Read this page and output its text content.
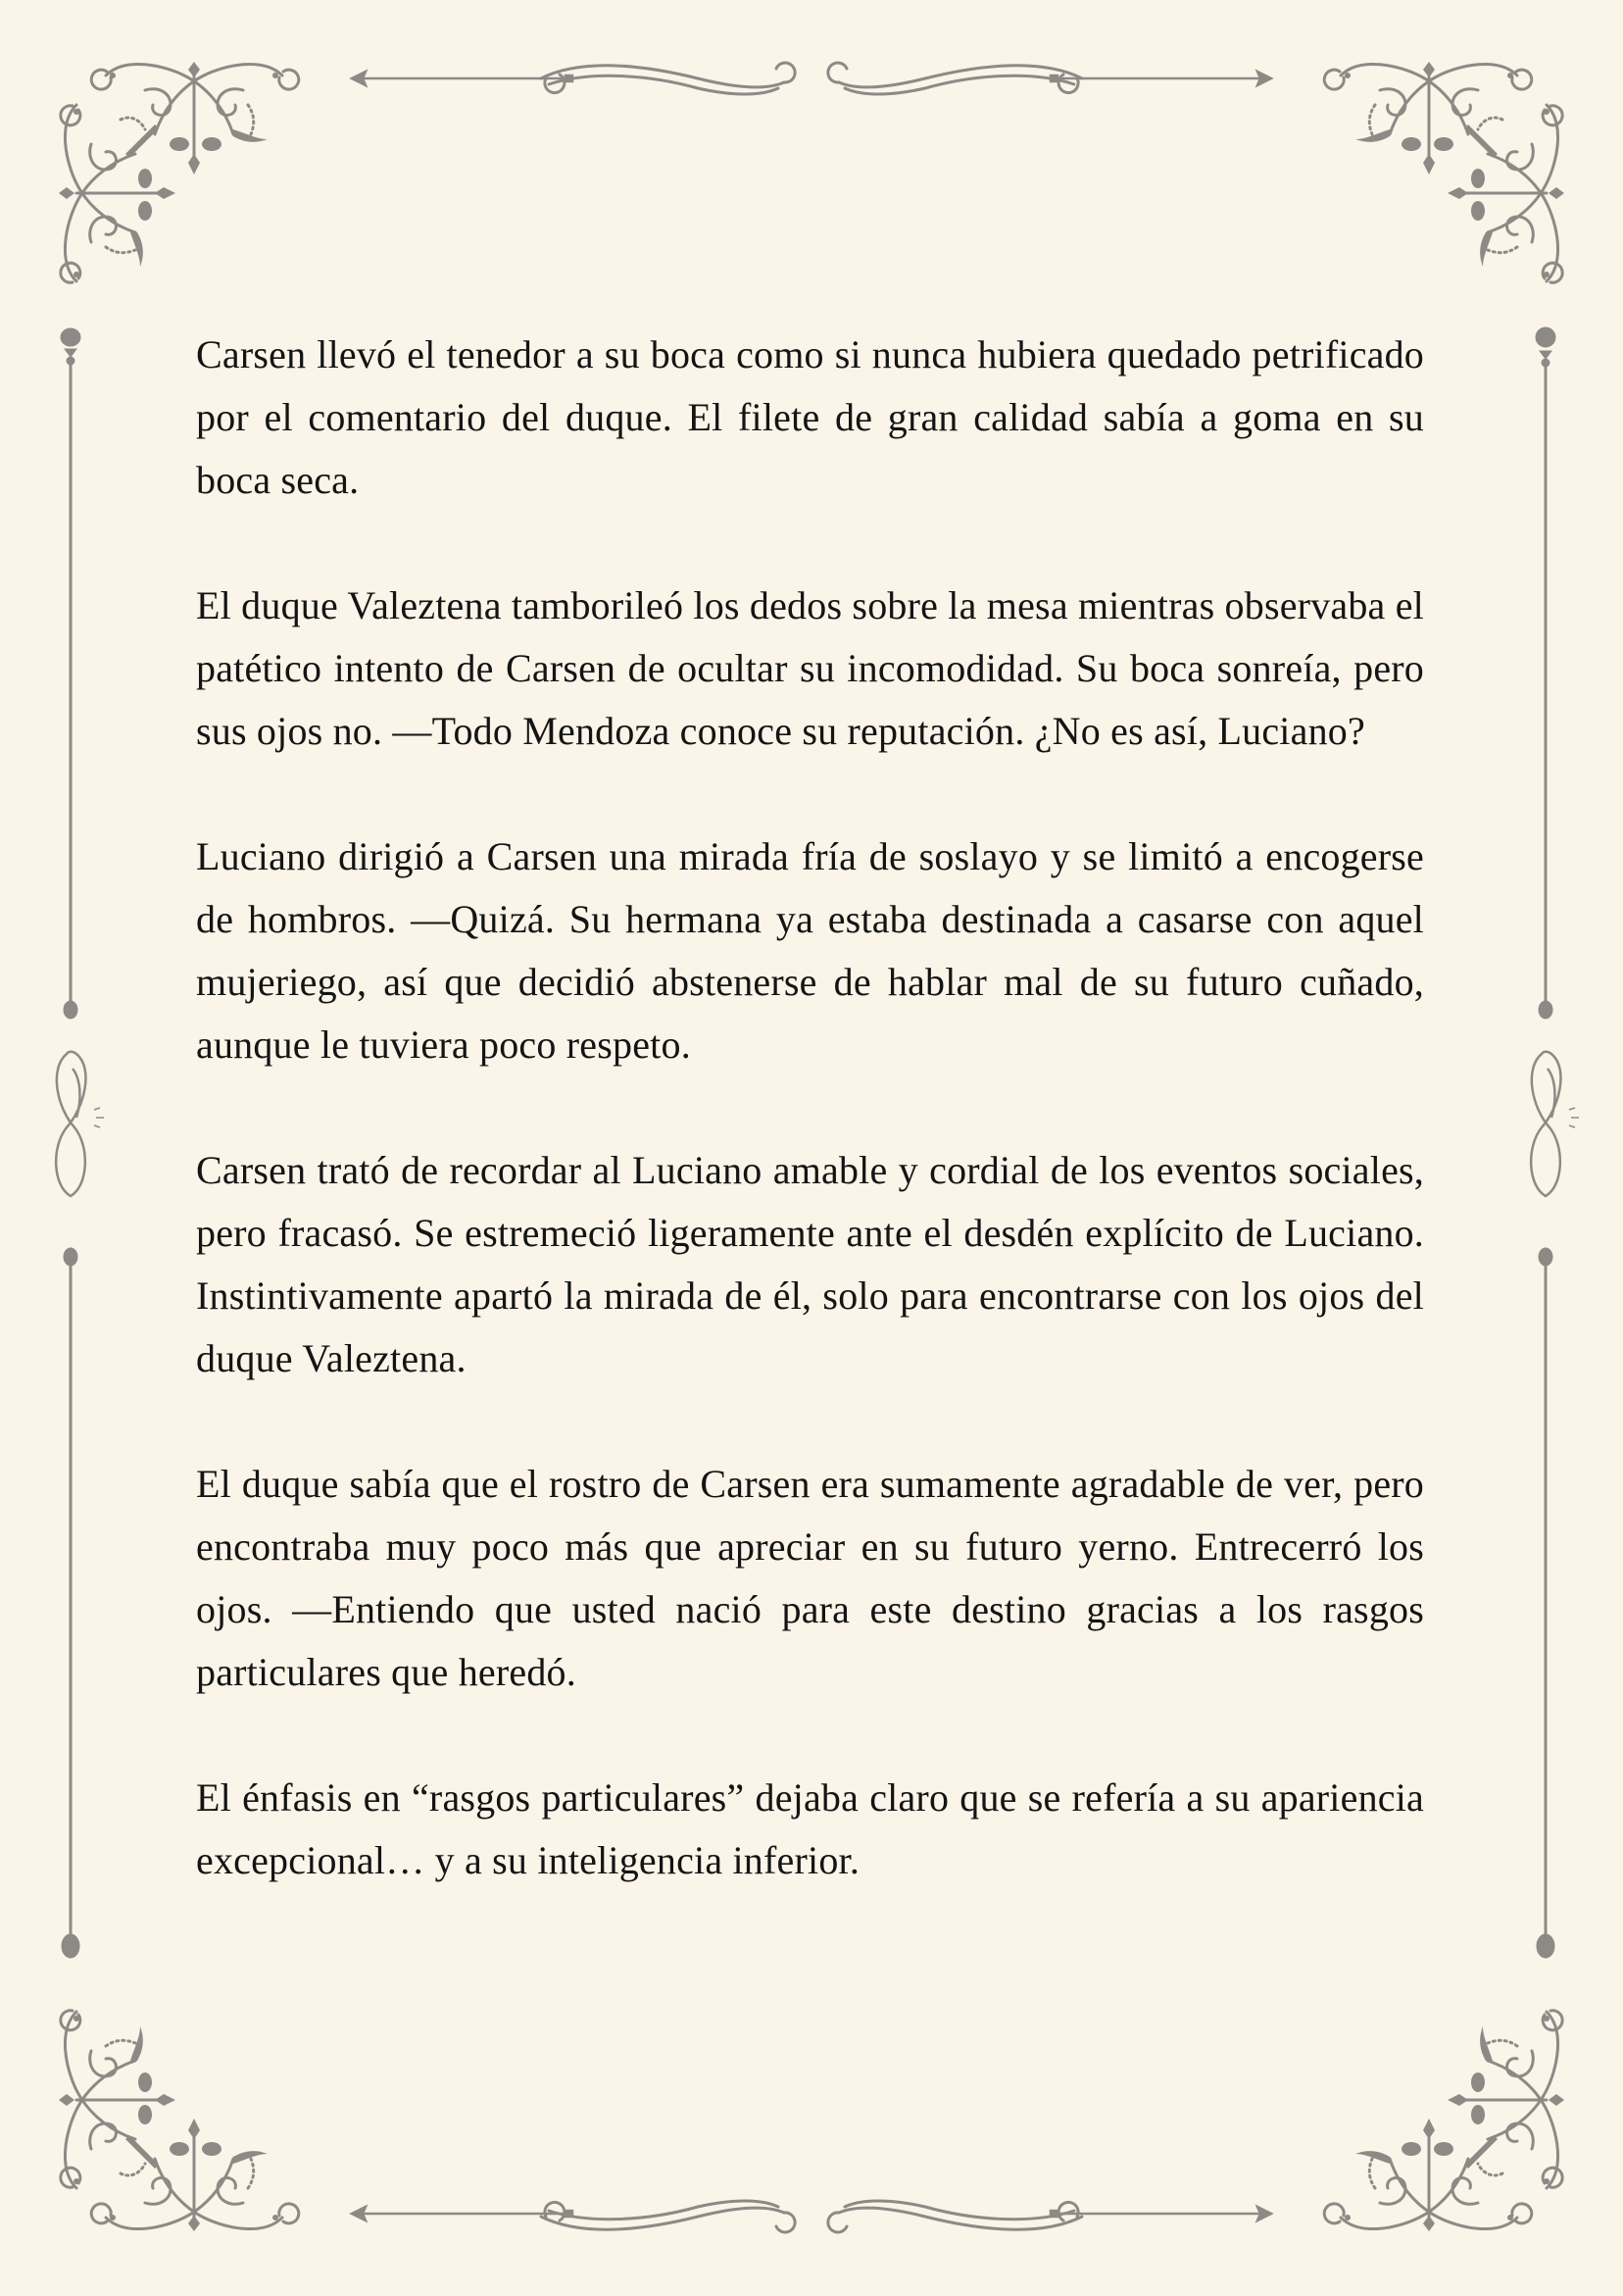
Carsen llevó el tenedor a su boca como si nunca hubiera quedado petrificado por el comentario del duque. El filete de gran calidad sabía a goma en su boca seca.

El duque Valeztena tamborileó los dedos sobre la mesa mientras observaba el patético intento de Carsen de ocultar su incomodidad. Su boca sonreía, pero sus ojos no. —Todo Mendoza conoce su reputación. ¿No es así, Luciano?

Luciano dirigió a Carsen una mirada fría de soslayo y se limitó a encogerse de hombros. —Quizá. Su hermana ya estaba destinada a casarse con aquel mujeriego, así que decidió abstenerse de hablar mal de su futuro cuñado, aunque le tuviera poco respeto.

Carsen trató de recordar al Luciano amable y cordial de los eventos sociales, pero fracasó. Se estremeció ligeramente ante el desdén explícito de Luciano. Instintivamente apartó la mirada de él, solo para encontrarse con los ojos del duque Valeztena.

El duque sabía que el rostro de Carsen era sumamente agradable de ver, pero encontraba muy poco más que apreciar en su futuro yerno. Entrecerró los ojos. —Entiendo que usted nació para este destino gracias a los rasgos particulares que heredó.

El énfasis en “rasgos particulares” dejaba claro que se refería a su apariencia excepcional… y a su inteligencia inferior.
